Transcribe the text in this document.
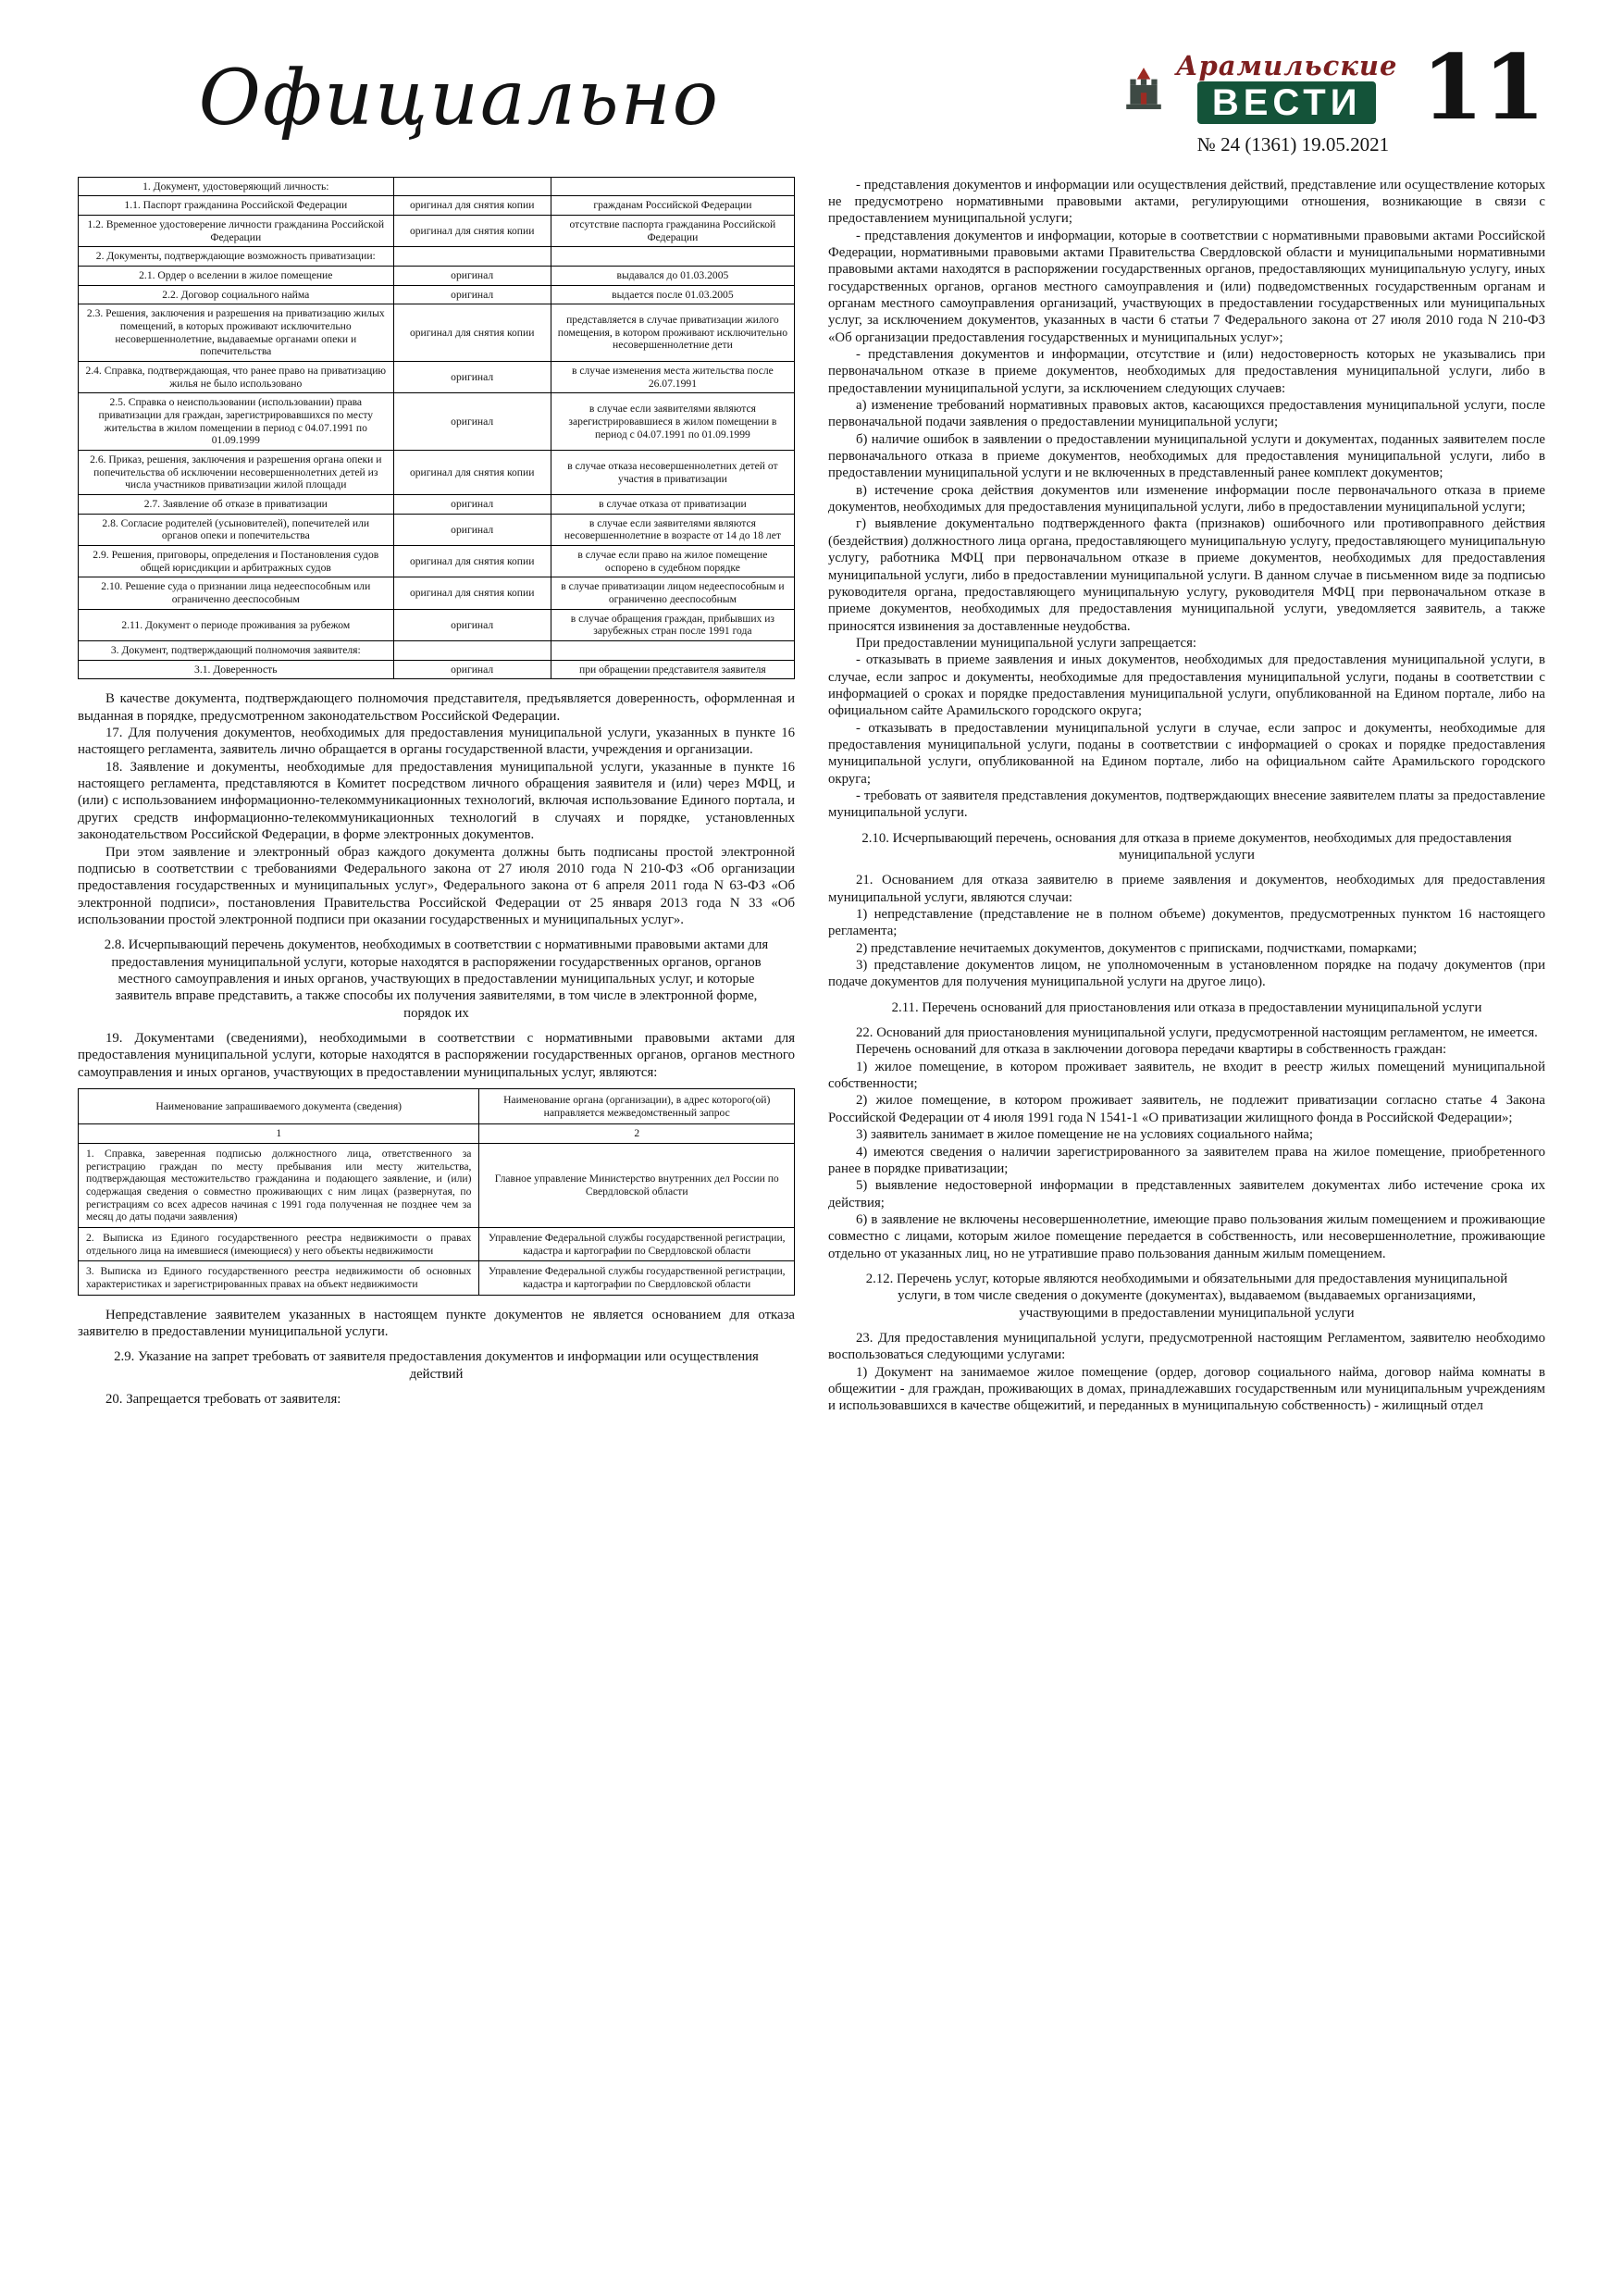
Официально	Арамильские
ВЕСТИ 11
№ 24 (1361) 19.05.2021
1. Документ, удостоверяющий личность:		
1.1. Паспорт гражданина Российской Федерации	оригинал для снятия копии	гражданам Российской Федерации
1.2. Временное удостоверение личности гражданина Российской Федерации	оригинал для снятия копии	отсутствие паспорта гражданина Российской Федерации
2. Документы, подтверждающие возможность приватизации:		
2.1. Ордер о вселении в жилое помещение	оригинал	выдавался до 01.03.2005
2.2. Договор социального найма	оригинал	выдается после 01.03.2005
2.3. Решения, заключения и разрешения на приватизацию жилых помещений, в которых проживают исключительно несовершеннолетние, выдаваемые органами опеки и попечительства	оригинал для снятия копии	представляется в случае приватизации жилого помещения, в котором проживают исключительно несовершеннолетние дети
2.4. Справка, подтверждающая, что ранее право на приватизацию жилья не было использовано	оригинал	в случае изменения места жительства после 26.07.1991
2.5. Справка о неиспользовании (использовании) права приватизации для граждан, зарегистрировавшихся по месту жительства в жилом помещении в период с 04.07.1991 по 01.09.1999	оригинал	в случае если заявителями являются зарегистрировавшиеся в жилом помещении в период с 04.07.1991 по 01.09.1999
2.6. Приказ, решения, заключения и разрешения органа опеки и попечительства об исключении несовершеннолетних детей из числа участников приватизации жилой площади	оригинал для снятия копии	в случае отказа несовершеннолетних детей от участия в приватизации
2.7. Заявление об отказе в приватизации	оригинал	в случае отказа от приватизации
2.8. Согласие родителей (усыновителей), попечителей или органов опеки и попечительства	оригинал	в случае если заявителями являются несовершеннолетние в возрасте от 14 до 18 лет
2.9. Решения, приговоры, определения и Постановления судов общей юрисдикции и арбитражных судов	оригинал для снятия копии	в случае если право на жилое помещение оспорено в судебном порядке
2.10. Решение суда о признании лица недееспособным или ограниченно дееспособным	оригинал для снятия копии	в случае приватизации лицом недееспособным и ограниченно дееспособным
2.11. Документ о периоде проживания за рубежом	оригинал	в случае обращения граждан, прибывших из зарубежных стран после 1991 года
3. Документ, подтверждающий полномочия заявителя:		
3.1. Доверенность	оригинал	при обращении представителя заявителя

В качестве документа, подтверждающего полномочия представителя, предъявляется доверенность, оформленная и выданная в порядке, предусмотренном законодательством Российской Федерации.

17. Для получения документов, необходимых для предоставления муниципальной услуги, указанных в пункте 16 настоящего регламента, заявитель лично обращается в органы государственной власти, учреждения и организации.

18. Заявление и документы, необходимые для предоставления муниципальной услуги, указанные в пункте 16 настоящего регламента, представляются в Комитет посредством личного обращения заявителя и (или) через МФЦ, и (или) с использованием информационно-телекоммуникационных технологий, включая использование Единого портала, и других средств информационно-телекоммуникационных технологий в случаях и порядке, установленных законодательством Российской Федерации, в форме электронных документов.

При этом заявление и электронный образ каждого документа должны быть подписаны простой электронной подписью в соответствии с требованиями Федерального закона от 27 июля 2010 года N 210-ФЗ «Об организации предоставления государственных и муниципальных услуг», Федерального закона от 6 апреля 2011 года N 63-ФЗ «Об электронной подписи», постановления Правительства Российской Федерации от 25 января 2013 года N 33 «Об использовании простой электронной подписи при оказании государственных и муниципальных услуг».

2.8. Исчерпывающий перечень документов, необходимых в соответствии с нормативными правовыми актами для предоставления муниципальной услуги, которые находятся в распоряжении государственных органов, органов местного самоуправления и иных органов, участвующих в предоставлении муниципальных услуг, и которые заявитель вправе представить, а также способы их получения заявителями, в том числе в электронной форме, порядок их

19. Документами (сведениями), необходимыми в соответствии с нормативными правовыми актами для предоставления муниципальной услуги, которые находятся в распоряжении государственных органов, органов местного самоуправления и иных органов, участвующих в предоставлении муниципальных услуг, являются:

Наименование запрашиваемого документа (сведения)	Наименование органа (организации), в адрес которого(ой) направляется межведомственный запрос
1	2
1. Справка, заверенная подписью должностного лица, ответственного за регистрацию граждан по месту пребывания или месту жительства, подтверждающая местожительство гражданина и подающего заявление, и (или) содержащая сведения о совместно проживающих с ним лицах (развернутая, по регистрациям со всех адресов начиная с 1991 года полученная не позднее чем за месяц до даты подачи заявления)	Главное управление Министерство внутренних дел России по Свердловской области
2. Выписка из Единого государственного реестра недвижимости о правах отдельного лица на имевшиеся (имеющиеся) у него объекты недвижимости	Управление Федеральной службы государственной регистрации, кадастра и картографии по Свердловской области
3. Выписка из Единого государственного реестра недвижимости об основных характеристиках и зарегистрированных правах на объект недвижимости	Управление Федеральной службы государственной регистрации, кадастра и картографии по Свердловской области

Непредставление заявителем указанных в настоящем пункте документов не является основанием для отказа заявителю в предоставлении муниципальной услуги.

2.9. Указание на запрет требовать от заявителя предоставления документов и информации или осуществления действий

20. Запрещается требовать от заявителя:

- представления документов и информации или осуществления действий, представление или осуществление которых не предусмотрено нормативными правовыми актами, регулирующими отношения, возникающие в связи с предоставлением муниципальной услуги;

- представления документов и информации, которые в соответствии с нормативными правовыми актами Российской Федерации, нормативными правовыми актами Правительства Свердловской области и муниципальными нормативными правовыми актами находятся в распоряжении государственных органов, предоставляющих муниципальную услугу, иных государственных органов, органов местного самоуправления и (или) подведомственных государственным органам и органам местного самоуправления организаций, участвующих в предоставлении государственных или муниципальных услуг, за исключением документов, указанных в части 6 статьи 7 Федерального закона от 27 июля 2010 года N 210-ФЗ «Об организации предоставления государственных и муниципальных услуг»;

- представления документов и информации, отсутствие и (или) недостоверность которых не указывались при первоначальном отказе в приеме документов, необходимых для предоставления муниципальной услуги, либо в предоставлении муниципальной услуги, за исключением следующих случаев:

а) изменение требований нормативных правовых актов, касающихся предоставления муниципальной услуги, после первоначальной подачи заявления о предоставлении муниципальной услуги;

б) наличие ошибок в заявлении о предоставлении муниципальной услуги и документах, поданных заявителем после первоначального отказа в приеме документов, необходимых для предоставления муниципальной услуги, либо в предоставлении муниципальной услуги и не включенных в представленный ранее комплект документов;

в) истечение срока действия документов или изменение информации после первоначального отказа в приеме документов, необходимых для предоставления муниципальной услуги, либо в предоставлении муниципальной услуги;

г) выявление документально подтвержденного факта (признаков) ошибочного или противоправного действия (бездействия) должностного лица органа, предоставляющего муниципальную услугу, предоставляющего муниципальную услугу, работника МФЦ при первоначальном отказе в приеме документов, необходимых для предоставления муниципальной услуги, либо в предоставлении муниципальной услуги. В данном случае в письменном виде за подписью руководителя органа, предоставляющего муниципальную услугу, руководителя МФЦ при первоначальном отказе в приеме документов, необходимых для предоставления муниципальной услуги, уведомляется заявитель, а также приносятся извинения за доставленные неудобства.

При предоставлении муниципальной услуги запрещается:

- отказывать в приеме заявления и иных документов, необходимых для предоставления муниципальной услуги, в случае, если запрос и документы, необходимые для предоставления муниципальной услуги, поданы в соответствии с информацией о сроках и порядке предоставления муниципальной услуги, опубликованной на Едином портале, либо на официальном сайте Арамильского городского округа;

- отказывать в предоставлении муниципальной услуги в случае, если запрос и документы, необходимые для предоставления муниципальной услуги, поданы в соответствии с информацией о сроках и порядке предоставления муниципальной услуги, опубликованной на Едином портале, либо на официальном сайте Арамильского городского округа;

- требовать от заявителя представления документов, подтверждающих внесение заявителем платы за предоставление муниципальной услуги.

2.10. Исчерпывающий перечень, основания для отказа в приеме документов, необходимых для предоставления муниципальной услуги

21. Основанием для отказа заявителю в приеме заявления и документов, необходимых для предоставления муниципальной услуги, являются случаи:

1) непредставление (представление не в полном объеме) документов, предусмотренных пунктом 16 настоящего регламента;

2) представление нечитаемых документов, документов с приписками, подчистками, помарками;

3) представление документов лицом, не уполномоченным в установленном порядке на подачу документов (при подаче документов для получения муниципальной услуги на другое лицо).

2.11. Перечень оснований для приостановления или отказа в предоставлении муниципальной услуги

22. Оснований для приостановления муниципальной услуги, предусмотренной настоящим регламентом, не имеется.

Перечень оснований для отказа в заключении договора передачи квартиры в собственность граждан:

1) жилое помещение, в котором проживает заявитель, не входит в реестр жилых помещений муниципальной собственности;

2) жилое помещение, в котором проживает заявитель, не подлежит приватизации согласно статье 4 Закона Российской Федерации от 4 июля 1991 года N 1541-1 «О приватизации жилищного фонда в Российской Федерации»;

3) заявитель занимает в жилое помещение не на условиях социального найма;

4) имеются сведения о наличии зарегистрированного за заявителем права на жилое помещение, приобретенного ранее в порядке приватизации;

5) выявление недостоверной информации в представленных заявителем документах либо истечение срока их действия;

6) в заявление не включены несовершеннолетние, имеющие право пользования жилым помещением и проживающие совместно с лицами, которым жилое помещение передается в собственность, или несовершеннолетние, проживающие отдельно от указанных лиц, но не утратившие право пользования данным жилым помещением.

2.12. Перечень услуг, которые являются необходимыми и обязательными для предоставления муниципальной услуги, в том числе сведения о документе (документах), выдаваемом (выдаваемых организациями, участвующими в предоставлении муниципальной услуги

23. Для предоставления муниципальной услуги, предусмотренной настоящим Регламентом, заявителю необходимо воспользоваться следующими услугами:

1) Документ на занимаемое жилое помещение (ордер, договор социального найма, договор найма комнаты в общежитии - для граждан, проживающих в домах, принадлежавших государственным или муниципальным учреждениям и использовавшихся в качестве общежитий, и переданных в муниципальную собственность) - жилищный отдел
